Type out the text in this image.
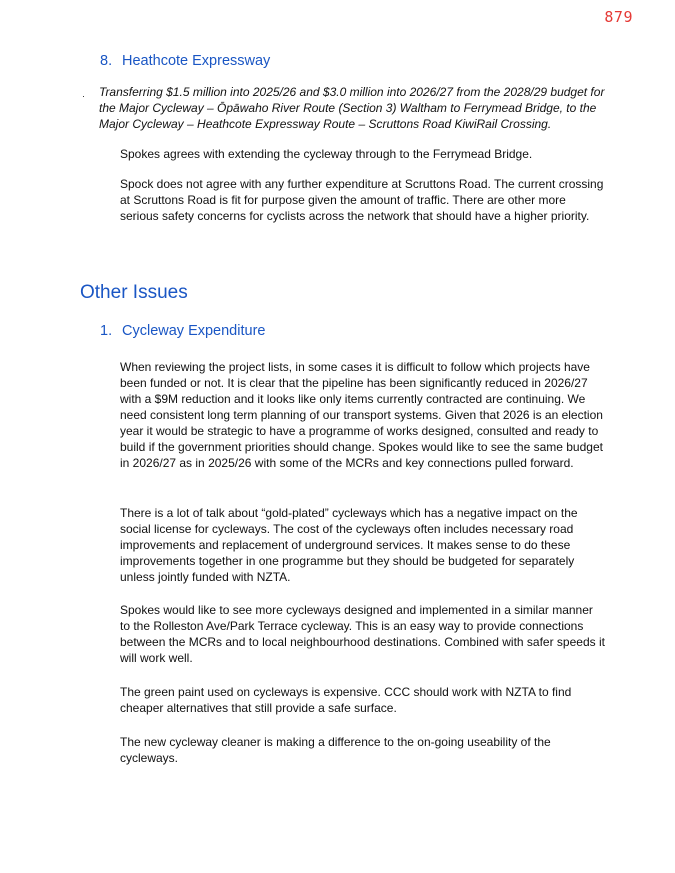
879
8. Heathcote Expressway
· Transferring $1.5 million into 2025/26 and $3.0 million into 2026/27 from the 2028/29 budget for the Major Cycleway – Ōpāwaho River Route (Section 3) Waltham to Ferrymead Bridge, to the Major Cycleway – Heathcote Expressway Route – Scruttons Road KiwiRail Crossing.
Spokes agrees with extending the cycleway through to the Ferrymead Bridge.
Spock does not agree with any further expenditure at Scruttons Road. The current crossing at Scruttons Road is fit for purpose given the amount of traffic. There are other more serious safety concerns for cyclists across the network that should have a higher priority.
Other Issues
1. Cycleway Expenditure
When reviewing the project lists, in some cases it is difficult to follow which projects have been funded or not. It is clear that the pipeline has been significantly reduced in 2026/27 with a $9M reduction and it looks like only items currently contracted are continuing. We need consistent long term planning of our transport systems. Given that 2026 is an election year it would be strategic to have a programme of works designed, consulted and ready to build if the government priorities should change. Spokes would like to see the same budget in 2026/27 as in 2025/26 with some of the MCRs and key connections pulled forward.
There is a lot of talk about “gold-plated” cycleways which has a negative impact on the social license for cycleways. The cost of the cycleways often includes necessary road improvements and replacement of underground services. It makes sense to do these improvements together in one programme but they should be budgeted for separately unless jointly funded with NZTA.
Spokes would like to see more cycleways designed and implemented in a similar manner to the Rolleston Ave/Park Terrace cycleway. This is an easy way to provide connections between the MCRs and to local neighbourhood destinations. Combined with safer speeds it will work well.
The green paint used on cycleways is expensive. CCC should work with NZTA to find cheaper alternatives that still provide a safe surface.
The new cycleway cleaner is making a difference to the on-going useability of the cycleways.
